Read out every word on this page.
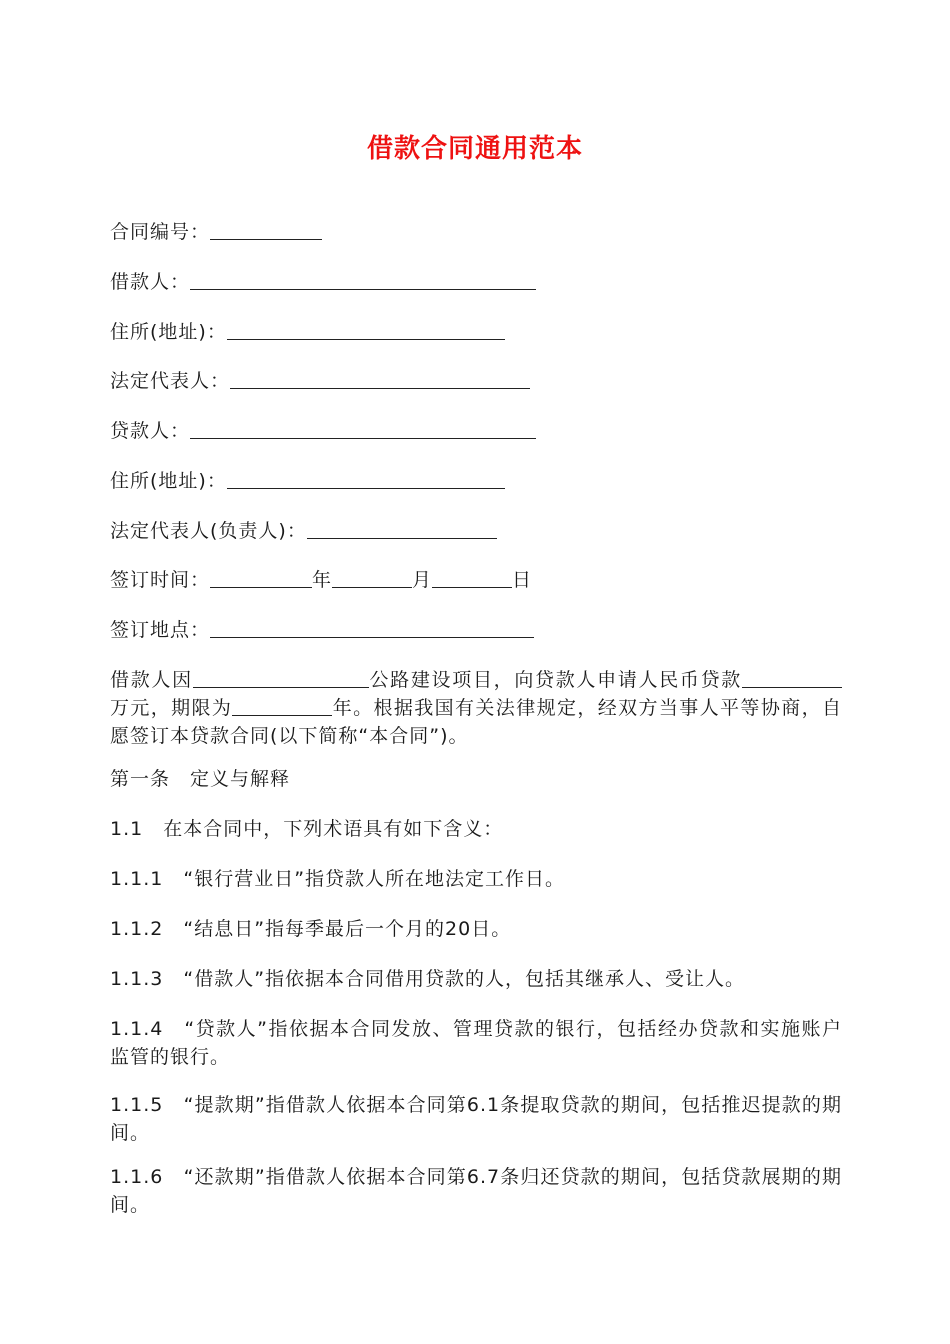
借款合同通用范本
合同编号：
借款人：
住所(地址)：
法定代表人：
贷款人：
住所(地址)：
法定代表人(负责人)：
签订时间：	年	月	日
签订地点：
借款人因	公路建设项目，向贷款人申请人民币贷款万元，期限为	年。根据我国有关法律规定，经双方当事人平等协商，自愿签订本贷款合同(以下简称“本合同”)。
第一条　定义与解释
1.1　在本合同中，下列术语具有如下含义：
1.1.1　“银行营业日”指贷款人所在地法定工作日。
1.1.2　“结息日”指每季最后一个月的20日。
1.1.3　“借款人”指依据本合同借用贷款的人，包括其继承人、受让人。
1.1.4　“贷款人”指依据本合同发放、管理贷款的银行，包括经办贷款和实施账户监管的银行。
1.1.5　“提款期”指借款人依据本合同第6.1条提取贷款的期间，包括推迟提款的期间。
1.1.6　“还款期”指借款人依据本合同第6.7条归还贷款的期间，包括贷款展期的期间。
